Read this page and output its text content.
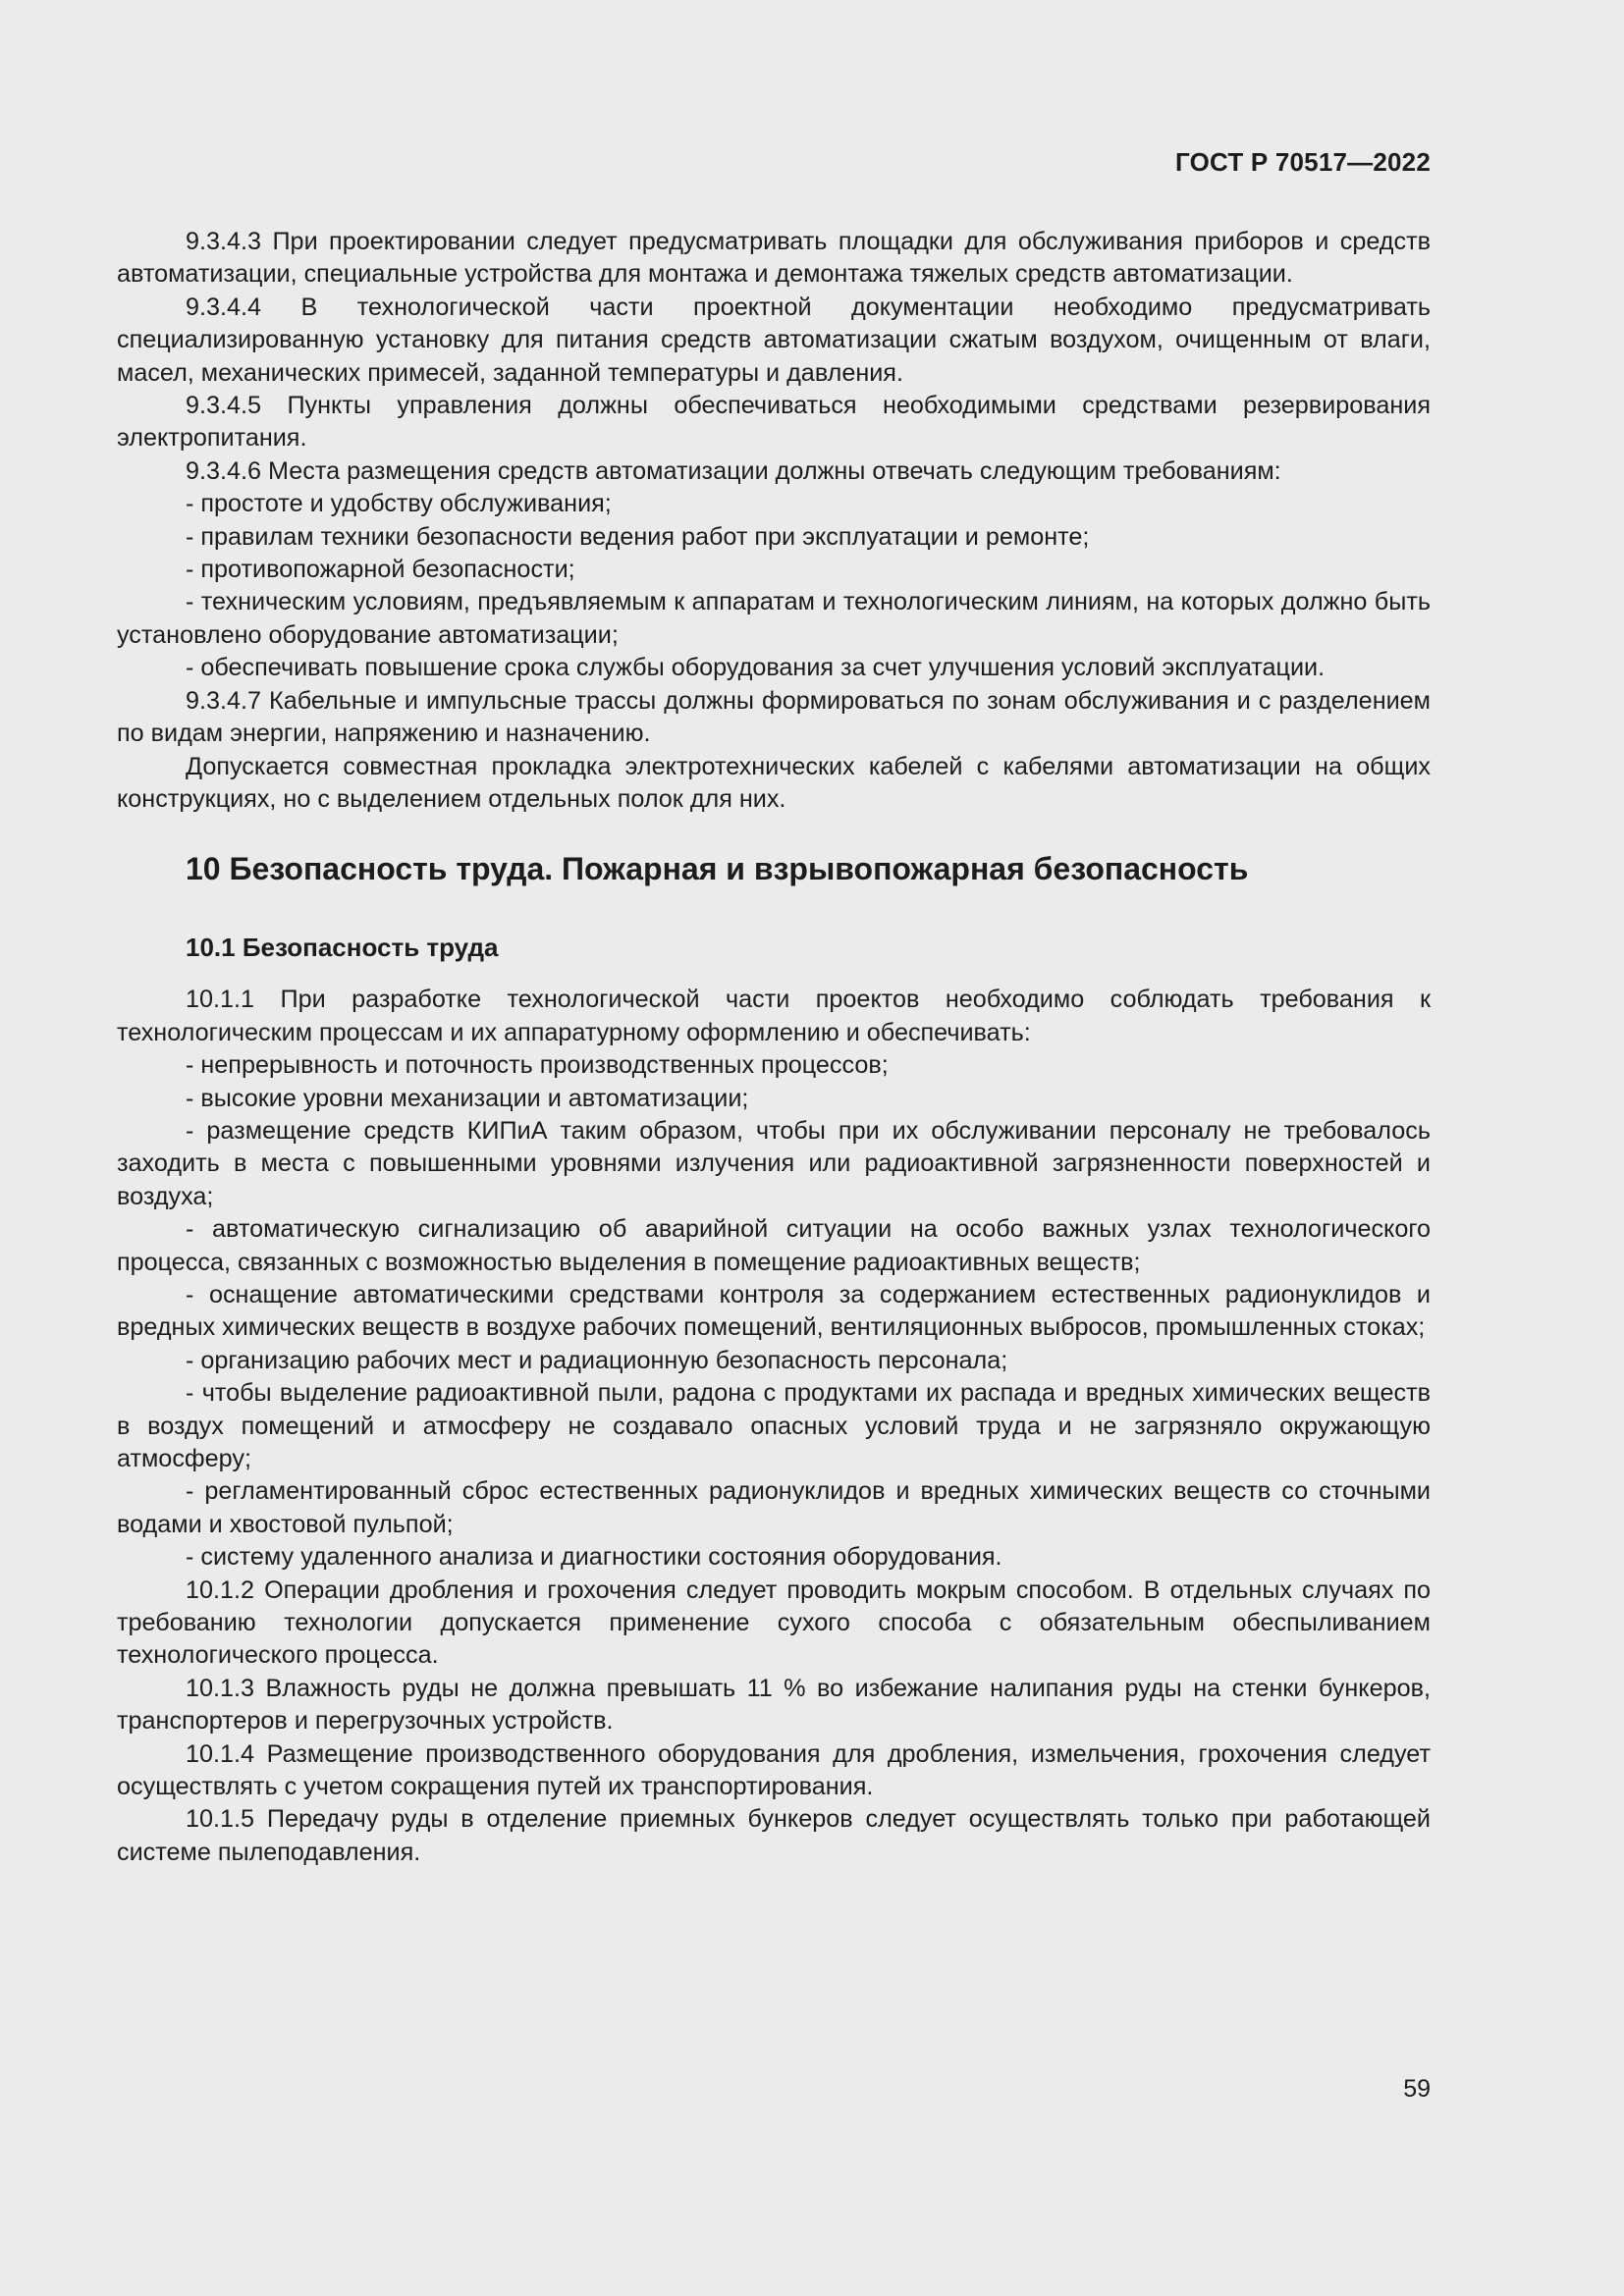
ГОСТ Р 70517—2022

9.3.4.3 При проектировании следует предусматривать площадки для обслуживания приборов и средств автоматизации, специальные устройства для монтажа и демонтажа тяжелых средств автоматизации.

9.3.4.4 В технологической части проектной документации необходимо предусматривать специализированную установку для питания средств автоматизации сжатым воздухом, очищенным от влаги, масел, механических примесей, заданной температуры и давления.

9.3.4.5 Пункты управления должны обеспечиваться необходимыми средствами резервирования электропитания.

9.3.4.6 Места размещения средств автоматизации должны отвечать следующим требованиям:

- простоте и удобству обслуживания;

- правилам техники безопасности ведения работ при эксплуатации и ремонте;

- противопожарной безопасности;

- техническим условиям, предъявляемым к аппаратам и технологическим линиям, на которых должно быть установлено оборудование автоматизации;

- обеспечивать повышение срока службы оборудования за счет улучшения условий эксплуатации.

9.3.4.7 Кабельные и импульсные трассы должны формироваться по зонам обслуживания и с разделением по видам энергии, напряжению и назначению.

Допускается совместная прокладка электротехнических кабелей с кабелями автоматизации на общих конструкциях, но с выделением отдельных полок для них.

10 Безопасность труда. Пожарная и взрывопожарная безопасность
10.1 Безопасность труда

10.1.1 При разработке технологической части проектов необходимо соблюдать требования к технологическим процессам и их аппаратурному оформлению и обеспечивать:

- непрерывность и поточность производственных процессов;

- высокие уровни механизации и автоматизации;

- размещение средств КИПиА таким образом, чтобы при их обслуживании персоналу не требовалось заходить в места с повышенными уровнями излучения или радиоактивной загрязненности поверхностей и воздуха;

- автоматическую сигнализацию об аварийной ситуации на особо важных узлах технологического процесса, связанных с возможностью выделения в помещение радиоактивных веществ;

- оснащение автоматическими средствами контроля за содержанием естественных радионуклидов и вредных химических веществ в воздухе рабочих помещений, вентиляционных выбросов, промышленных стоках;

- организацию рабочих мест и радиационную безопасность персонала;

- чтобы выделение радиоактивной пыли, радона с продуктами их распада и вредных химических веществ в воздух помещений и атмосферу не создавало опасных условий труда и не загрязняло окружающую атмосферу;

- регламентированный сброс естественных радионуклидов и вредных химических веществ со сточными водами и хвостовой пульпой;

- систему удаленного анализа и диагностики состояния оборудования.

10.1.2 Операции дробления и грохочения следует проводить мокрым способом. В отдельных случаях по требованию технологии допускается применение сухого способа с обязательным обеспыливанием технологического процесса.

10.1.3 Влажность руды не должна превышать 11 % во избежание налипания руды на стенки бункеров, транспортеров и перегрузочных устройств.

10.1.4 Размещение производственного оборудования для дробления, измельчения, грохочения следует осуществлять с учетом сокращения путей их транспортирования.

10.1.5 Передачу руды в отделение приемных бункеров следует осуществлять только при работающей системе пылеподавления.

59
